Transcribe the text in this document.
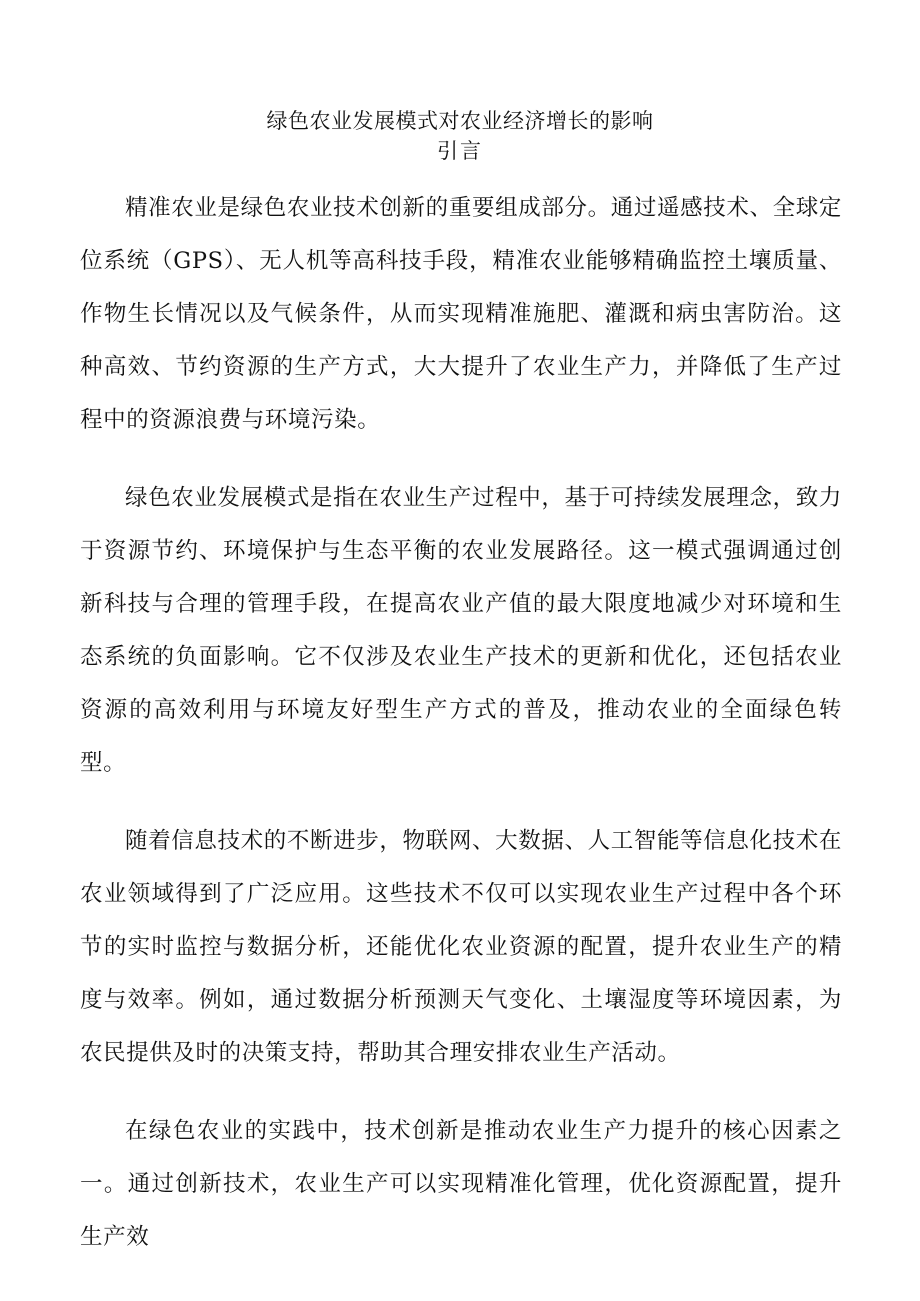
绿色农业发展模式对农业经济增长的影响
引言

精准农业是绿色农业技术创新的重要组成部分。通过遥感技术、全球定位系统（GPS）、无人机等高科技手段，精准农业能够精确监控土壤质量、作物生长情况以及气候条件，从而实现精准施肥、灌溉和病虫害防治。这种高效、节约资源的生产方式，大大提升了农业生产力，并降低了生产过程中的资源浪费与环境污染。

绿色农业发展模式是指在农业生产过程中，基于可持续发展理念，致力于资源节约、环境保护与生态平衡的农业发展路径。这一模式强调通过创新科技与合理的管理手段，在提高农业产值的最大限度地减少对环境和生态系统的负面影响。它不仅涉及农业生产技术的更新和优化，还包括农业资源的高效利用与环境友好型生产方式的普及，推动农业的全面绿色转型。

随着信息技术的不断进步，物联网、大数据、人工智能等信息化技术在农业领域得到了广泛应用。这些技术不仅可以实现农业生产过程中各个环节的实时监控与数据分析，还能优化农业资源的配置，提升农业生产的精度与效率。例如，通过数据分析预测天气变化、土壤湿度等环境因素，为农民提供及时的决策支持，帮助其合理安排农业生产活动。

在绿色农业的实践中，技术创新是推动农业生产力提升的核心因素之一。通过创新技术，农业生产可以实现精准化管理，优化资源配置，提升生产效
